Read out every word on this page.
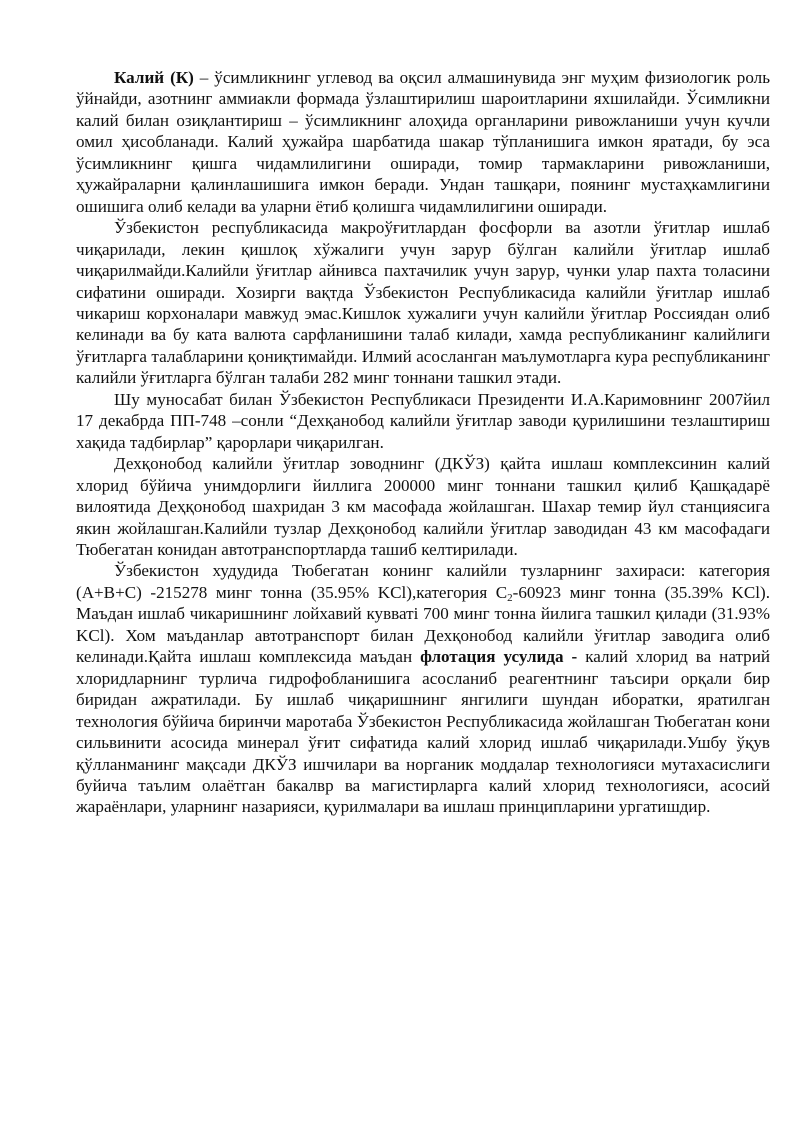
Калий (К) – ўсимликнинг углевод ва оқсил алмашинувида энг муҳим физиологик роль ўйнайди, азотнинг аммиакли формада ўзлаштирилиш шароитларини яхшилайди. Ўсимликни калий билан озиқлантириш – ўсимликнинг алоҳида органларини ривожланиши учун кучли омил ҳисобланади. Калий ҳужайра шарбатида шакар тўпланишига имкон яратади, бу эса ўсимликнинг қишга чидамлилигини оширади, томир тармакларини ривожланиши, ҳужайраларни қалинлашишига имкон беради. Ундан ташқари, поянинг мустаҳкамлигини ошишига олиб келади ва уларни ётиб қолишга чидамлилигини оширади.

Ўзбекистон республикасида макроўғитлардан фосфорли ва азотли ўғитлар ишлаб чиқарилади, лекин қишлоқ хўжалиги учун зарур бўлган калийли ўғитлар ишлаб чиқарилмайди.Калийли ўғитлар айнивса пахтачилик учун зарур, чунки улар пахта толасини сифатини оширади. Хозирги вақтда Ўзбекистон Республикасида калийли ўғитлар ишлаб чикариш корхоналари мавжуд эмас.Кишлок хужалиги учун калийли ўғитлар Россиядан олиб келинади ва бу ката валюта сарфланишини талаб килади, хамда республиканинг калийлиги ўғитларга талабларини қониқтимайди. Илмий асосланган маълумотларга кура республиканинг калийли ўғитларга бўлган талаби 282 минг тоннани ташкил этади.

Шу муносабат билан Ўзбекистон Республикаси Президенти И.А.Каримовнинг 2007йил 17 декабрда ПП-748 –сонли “Дехқанобод калийли ўғитлар заводи қурилишини тезлаштириш хақида тадбирлар” қарорлари чиқарилган.

Дехқонобод калийли ўғитлар зоводнинг (ДКЎЗ) қайта ишлаш комплексинин калий хлорид бўйича унимдорлиги йиллига 200000 минг тоннани ташкил қилиб Қашқадарё вилоятида Деҳқонобод шахридан 3 км масофада жойлашган. Шахар темир йул станциясига якин жойлашган.Калийли тузлар Дехқонобод калийли ўғитлар заводидан 43 км масофадаги Тюбегатан конидан автотранспортларда ташиб келтирилади.

Ўзбекистон худудида Тюбегатан конинг калийли тузларнинг захираси: категория (А+В+С) -215278 минг тонна (35.95% KCl),категория $С_2-60923$ минг тонна (35.39% KCl). Маъдан ишлаб чикаришнинг лойхавий кувватi 700 минг тонна йилига ташкил қилади (31.93% KCl). Хом маъданлар автотранспорт билан Дехқонобод калийли ўғитлар заводига олиб келинади.Қайта ишлаш комплексида маъдан флотация усулида - калий хлорид ва натрий хлоридларнинг турлича гидрофобланишига асосланиб реагентнинг таъсири орқали бир биридан ажратилади. Бу ишлаб чиқаришнинг янгилиги шундан иборатки, яратилган технология бўйича биринчи маротаба Ўзбекистон Республикасида жойлашган Тюбегатан кони сильвинити асосида минерал ўғит сифатида калий хлорид ишлаб чиқарилади.Ушбу ўқув қўлланманинг мақсади ДКЎЗ ишчилари ва норганик моддалар технологияси мутахасислиги буйича таълим олаётган бакалвр ва магистирларга калий хлорид технологияси, асосий жараёнлари, уларнинг назарияси, қурилмалари ва ишлаш принципларини ургатишдир.
